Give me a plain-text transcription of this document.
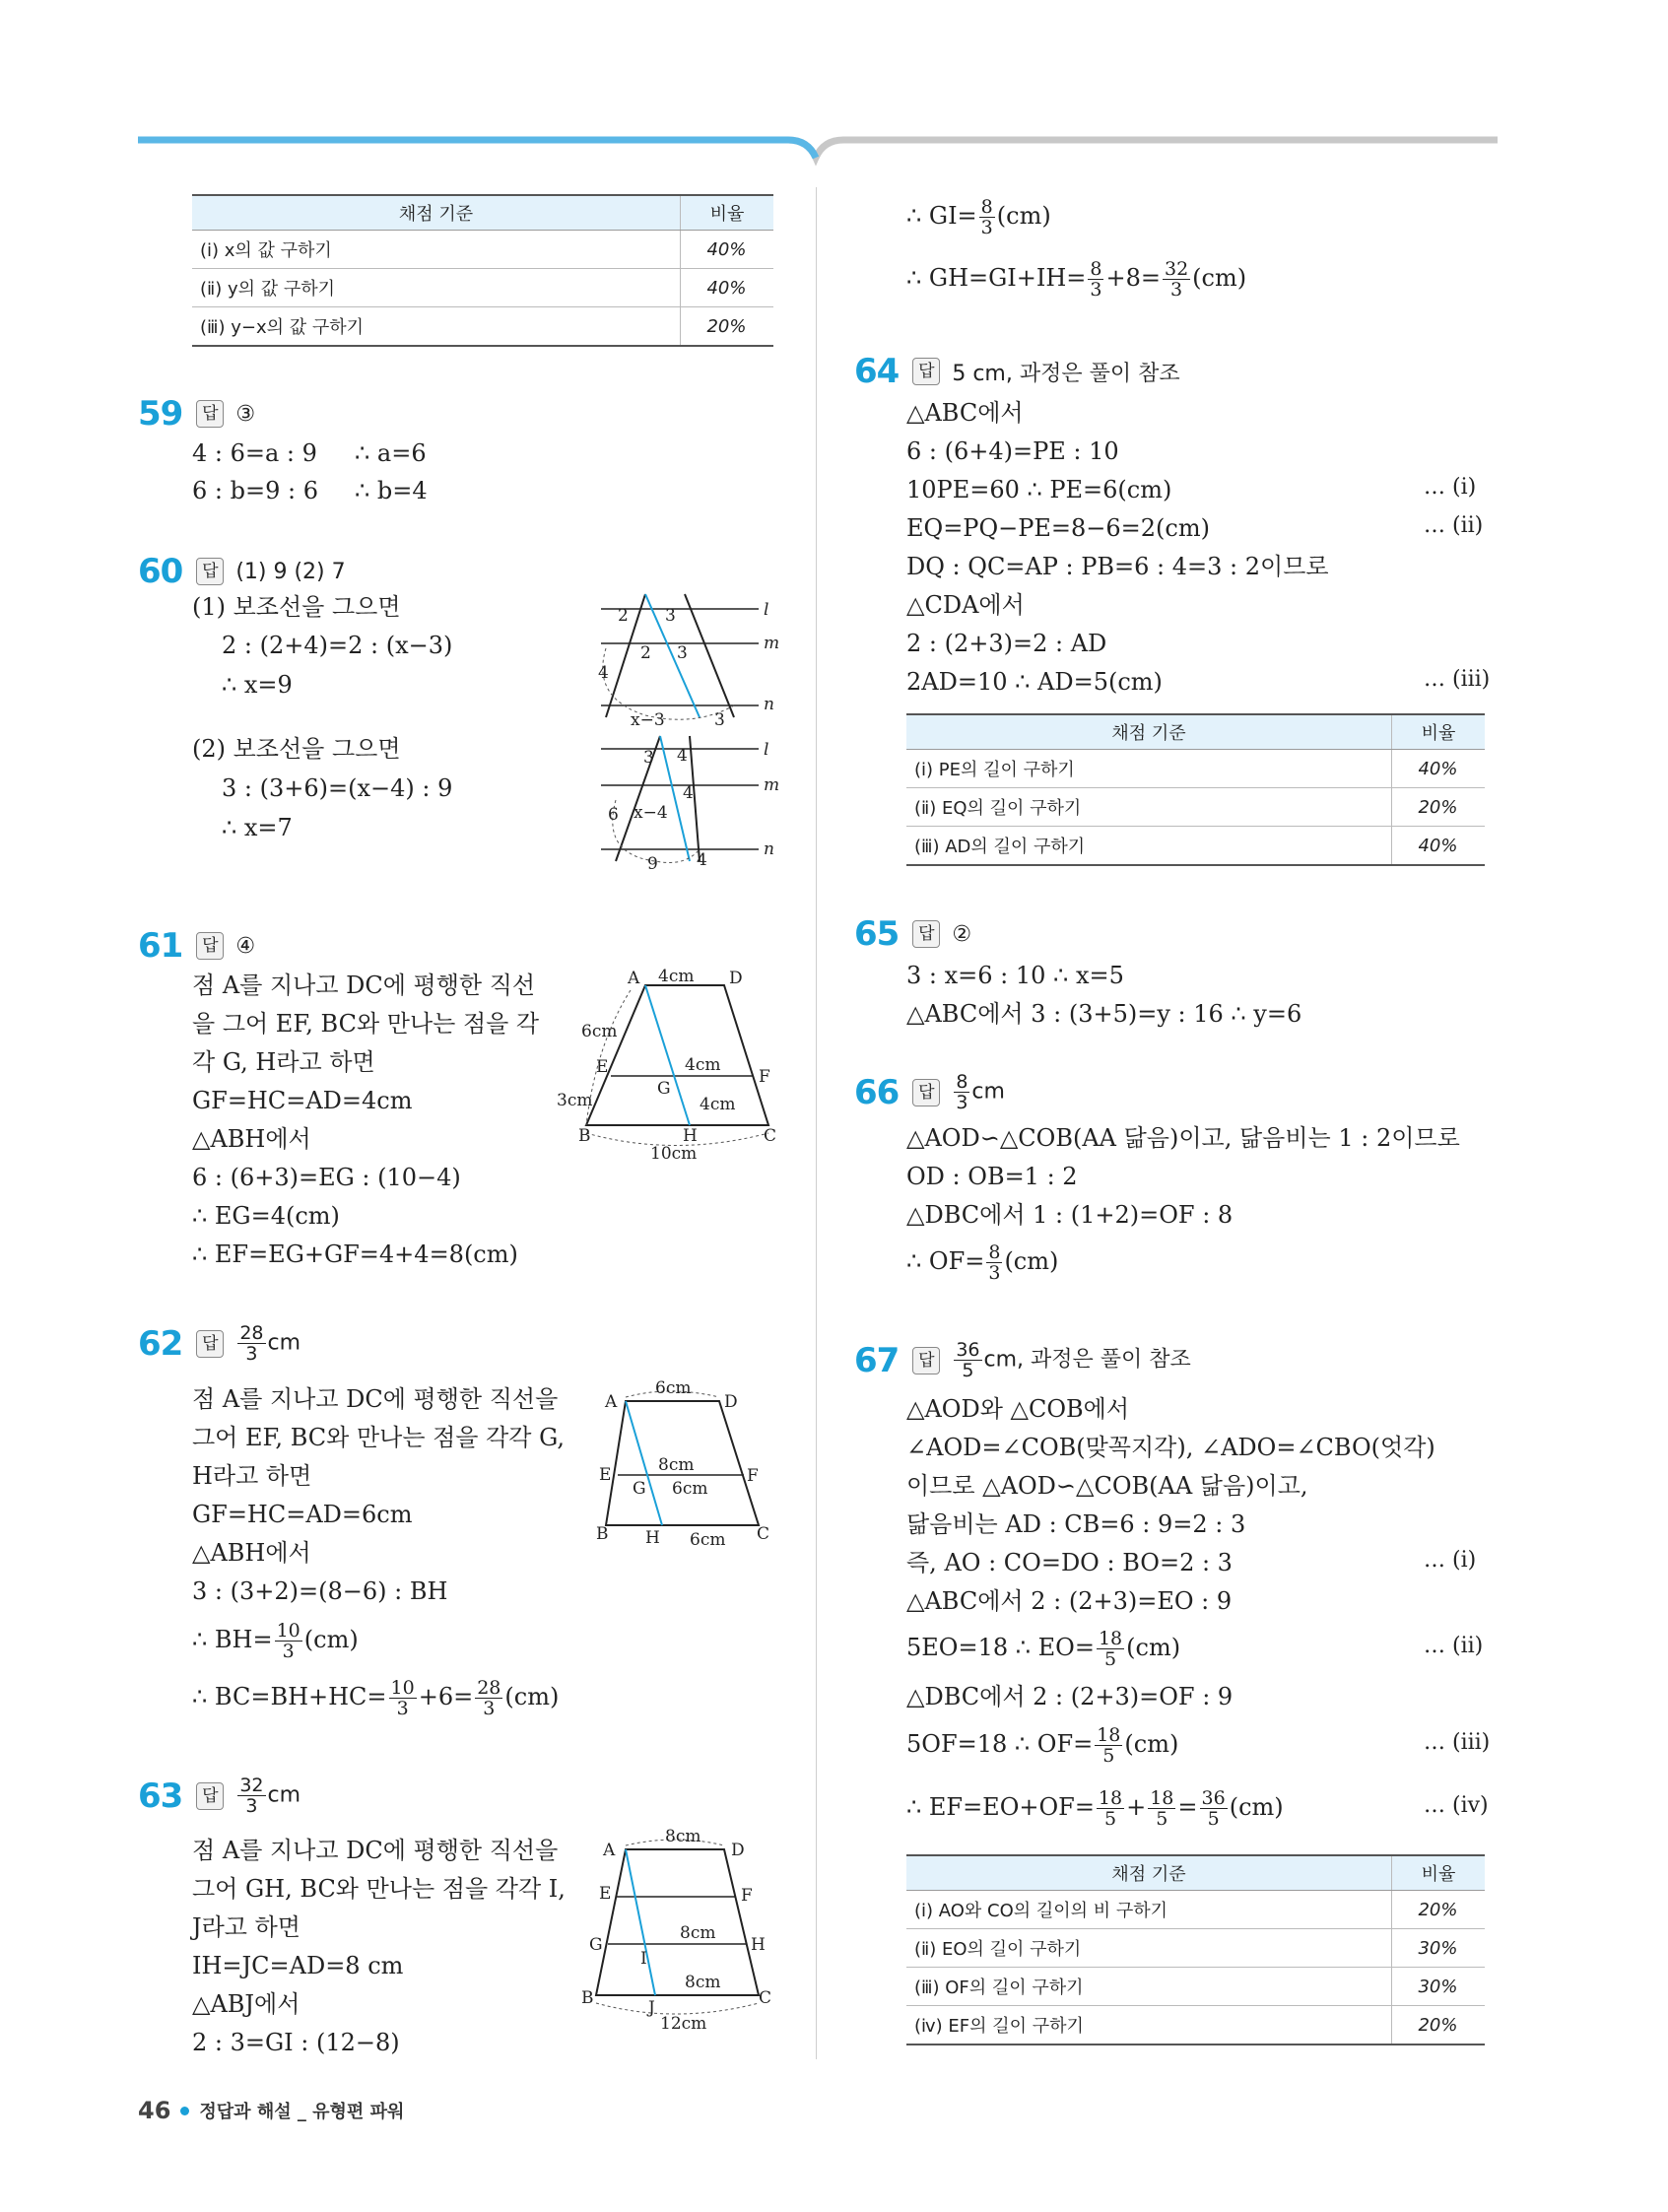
채점 기준	비율
(ⅰ) x의 값 구하기	40%
(ⅱ) y의 값 구하기	40%
(ⅲ) y−x의 값 구하기	20%
59	답 ③
4 : 6=a : 9 ∴ a=6
6 : b=9 : 6 ∴ b=4
60	답 (1) 9 (2) 7
(1) 보조선을 그으면
2 : (2+4)=2 : (x−3)
∴ x=9
(2) 보조선을 그으면
3 : (3+6)=(x−4) : 9
∴ x=7
2 3
2 3
4
x−3	3
l
m
n
3 4
4
6 x−4
9 4
l
m
n
61	답 ④
점 A를 지나고 DC에 평행한 직선
을 그어 EF, BC와 만나는 점을 각
각 G, H라고 하면
GF=HC=AD=4cm
△ABH에서
6 : (6+3)=EG : (10−4)
∴ EG=4(cm)
∴ EF=EG+GF=4+4=8(cm)
A 4cm D
6cm
E	4cm
F
G
3cm	4cm
B	H	C
10cm
62	답	$\frac{28}{3}$ cm
점 A를 지나고 DC에 평행한 직선을
그어 EF, BC와 만나는 점을 각각 G,
H라고 하면
GF=HC=AD=6cm
△ABH에서
3 : (3+2)=(8−6) : BH
∴ $BH= \frac{10}{3} (cm)$
∴ $BC=BH+HC= \frac{10}{3} +6= \frac{28}{3} (cm)$
A
6cm
D
8cm
E	F
G 6cm
B H 6cm C
63	답	$\frac{32}{3}$ cm
점 A를 지나고 DC에 평행한 직선을
그어 GH, BC와 만나는 점을 각각 I,
J라고 하면
IH=JC=AD=8 cm
△ABJ에서
2 : 3=GI : (12−8)
A
8cm
D
E	F
G
8cm
H
I
8cm
B	C
J
12cm
∴ $GI= \frac{8}{3} (cm)$
∴ $GH=GI+IH= \frac{8}{3} +8= \frac{32}{3} (cm)$
64	답 5 cm, 과정은 풀이 참조
△ABC에서
6 : (6+4)=PE : 10
10PE=60 ∴ PE=6(cm)
EQ=PQ−PE=8−6=2(cm)
DQ : QC=AP : PB=6 : 4=3 : 2이므로
△CDA에서
2 : (2+3)=2 : AD
2AD=10 ∴ AD=5(cm)
… (ⅰ)
… (ⅱ)
… (ⅲ)
채점 기준	비율
(ⅰ) PE의 길이 구하기	40%
(ⅱ) EQ의 길이 구하기	20%
(ⅲ) AD의 길이 구하기	40%
65	답 ②
3 : x=6 : 10 ∴ x=5
△ABC에서 3 : (3+5)=y : 16 ∴ y=6
66	답	$\frac{8}{3}$ cm
△AOD∽△COB(AA 닮음)이고, 닮음비는 1 : 2이므로
OD : OB=1 : 2
△DBC에서 1 : (1+2)=OF : 8
∴ $OF= \frac{8}{3} (cm)$
67	답	$\frac{36}{5}$ cm, 과정은 풀이 참조
△AOD와 △COB에서
∠AOD=∠COB(맞꼭지각), ∠ADO=∠CBO(엇각)
이므로 △AOD∽△COB(AA 닮음)이고,
닮음비는 AD : CB=6 : 9=2 : 3
즉, AO : CO=DO : BO=2 : 3
△ABC에서 2 : (2+3)=EO : 9
5EO=18 ∴ $EO= \frac{18}{5} (cm)$
△DBC에서 2 : (2+3)=OF : 9
5OF=18 ∴ $OF= \frac{18}{5} (cm)$
∴ $EF=EO+OF= \frac{18}{5} + \frac{18}{5} = \frac{36}{5} (cm)$
… (ⅰ)
… (ⅱ)
… (ⅲ)
… (ⅳ)
채점 기준	비율
(ⅰ) AO와 CO의 길이의 비 구하기	20%
(ⅱ) EO의 길이 구하기	30%
(ⅲ) OF의 길이 구하기	30%
(ⅳ) EF의 길이 구하기	20%
46 정답과 해설 _ 유형편 파워
